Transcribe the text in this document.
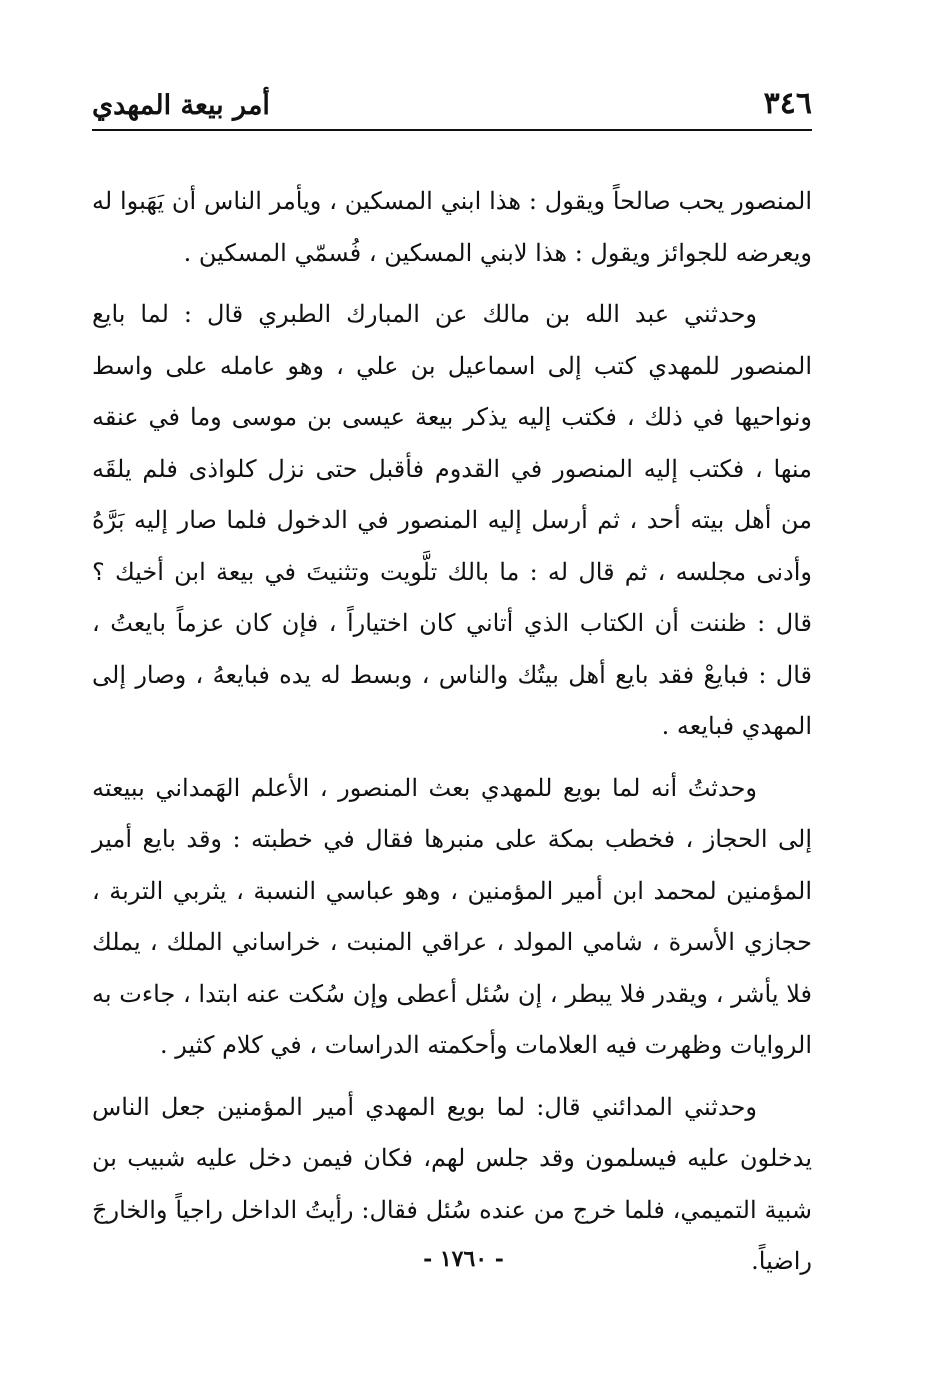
٣٤٦
أمر بيعة المهدي

المنصور يحب صالحاً ويقول : هذا ابني المسكين ، ويأمر الناس أن يَهَبوا له ويعرضه للجوائز ويقول : هذا لابني المسكين ، فُسمّي المسكين .

وحدثني عبد الله بن مالك عن المبارك الطبري قال : لما بايع المنصور للمهدي كتب إلى اسماعيل بن علي ، وهو عامله على واسط ونواحيها في ذلك ، فكتب إليه يذكر بيعة عيسى بن موسى وما في عنقه منها ، فكتب إليه المنصور في القدوم فأقبل حتى نزل كلواذى فلم يلقَه من أهل بيته أحد ، ثم أرسل إليه المنصور في الدخول فلما صار إليه بَرَّهُ وأدنى مجلسه ، ثم قال له : ما بالك تلَّويت وتثنيتَ في بيعة ابن أخيك ؟ قال : ظننت أن الكتاب الذي أتاني كان اختياراً ، فإن كان عزماً بايعتُ ، قال : فبايعْ فقد بايع أهل بيتُك والناس ، وبسط له يده فبايعهُ ، وصار إلى المهدي فبايعه .

وحدثتُ أنه لما بويع للمهدي بعث المنصور ، الأعلم الهَمداني ببيعته إلى الحجاز ، فخطب بمكة على منبرها فقال في خطبته : وقد بايع أمير المؤمنين لمحمد ابن أمير المؤمنين ، وهو عباسي النسبة ، يثربي التربة ، حجازي الأسرة ، شامي المولد ، عراقي المنبت ، خراساني الملك ، يملك فلا يأشر ، ويقدر فلا يبطر ، إن سُئل أعطى وإن سُكت عنه ابتدا ، جاءت به الروايات وظهرت فيه العلامات وأحكمته الدراسات ، في كلام كثير .

وحدثني المدائني قال: لما بويع المهدي أمير المؤمنين جعل الناس يدخلون عليه فيسلمون وقد جلس لهم، فكان فيمن دخل عليه شبيب بن شبية التميمي، فلما خرج من عنده سُئل فقال: رأيتُ الداخل راجياً والخارجَ راضياً.

- ١٧٦٠ -
